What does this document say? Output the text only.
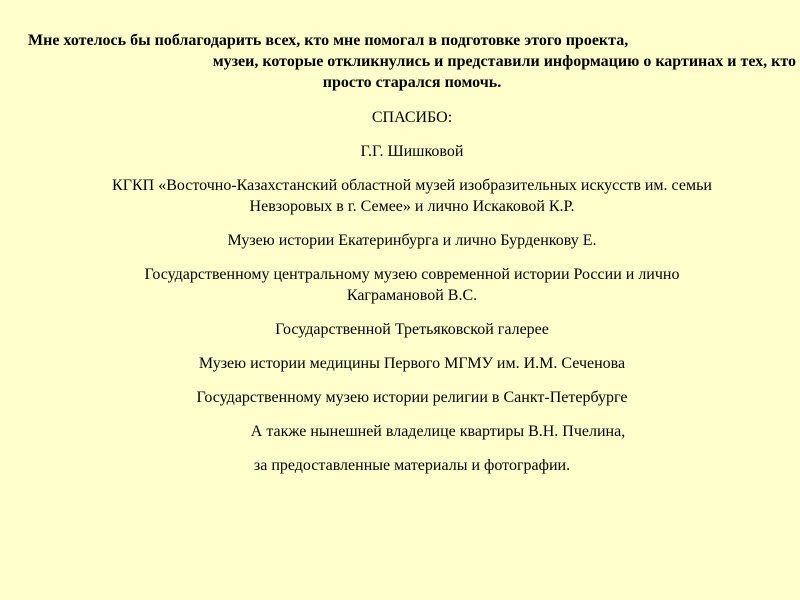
Мне хотелось бы поблагодарить всех, кто мне помогал в подготовке этого проекта,
музеи, которые откликнулись и представили информацию о картинах и тех, кто
просто старался помочь.

СПАСИБО:

Г.Г. Шишковой
КГКП «Восточно-Казахстанский областной музей изобразительных искусств им. семьи
Невзоровых в г. Семее» и лично Искаковой К.Р.
Музею истории Екатеринбурга и лично Бурденкову Е.
Государственному центральному музею современной истории России и лично
Каграмановой В.С.
Государственной Третьяковской галерее
Музею истории медицины Первого МГМУ им. И.М. Сеченова
Государственному музею истории религии в Санкт-Петербурге
А также нынешней владелице квартиры В.Н. Пчелина,
за предоставленные материалы и фотографии.
